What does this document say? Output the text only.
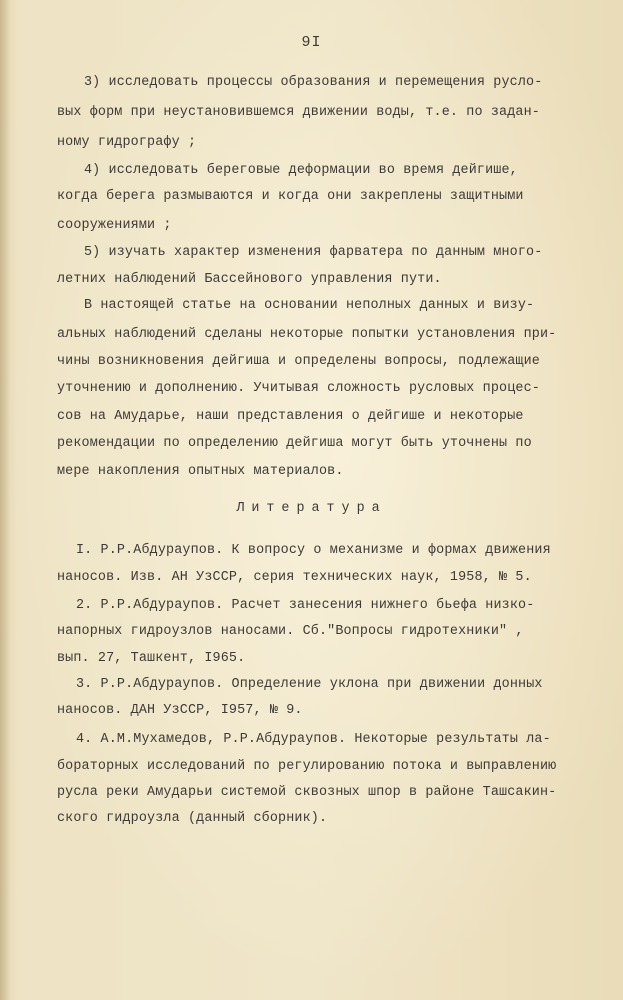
9I
3) исследовать процессы образования и перемещения русло-
вых форм при неустановившемся движении воды, т.е. по задан-
ному гидрографу ;
4) исследовать береговые деформации во время дейгише,
когда берега размываются и когда они закреплены защитными
сооружениями ;
5) изучать характер изменения фарватера по данным много-
летних наблюдений Бассейнового управления пути.
В настоящей статье на основании неполных данных и визу-
альных наблюдений сделаны некоторые попытки установления при-
чины возникновения дейгиша и определены вопросы, подлежащие
уточнению и дополнению. Учитывая сложность русловых процес-
сов на Амударье, наши представления о дейгише и некоторые
рекомендации по определению дейгиша могут быть уточнены по
мере накопления опытных материалов.
Литература
I. Р.Р.Абдураупов. К вопросу о механизме и формах движения
наносов. Изв. АН УзССР, серия технических наук, 1958, № 5.
2. Р.Р.Абдураупов. Расчет занесения нижнего бьефа низко-
напорных гидроузлов наносами. Сб."Вопросы гидротехники" ,
вып. 27, Ташкент, I965.
3. Р.Р.Абдураупов. Определение уклона при движении донных
наносов. ДАН УзССР, I957, № 9.
4. А.М.Мухамедов, Р.Р.Абдураупов. Некоторые результаты ла-
бораторных исследований по регулированию потока и выправлению
русла реки Амударьи системой сквозных шпор в районе Ташсакин-
ского гидроузла (данный сборник).
